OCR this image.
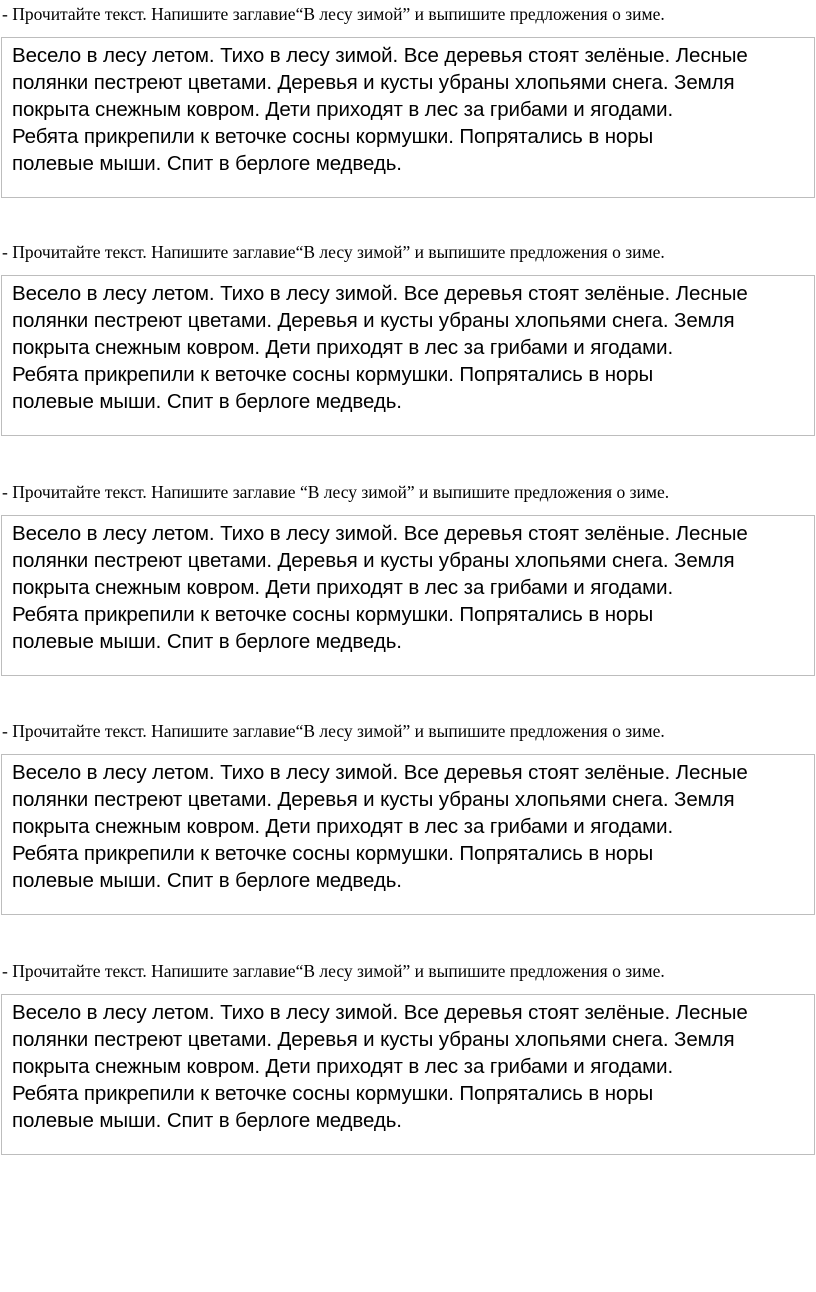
- Прочитайте текст. Напишите заглавие“В лесу зимой” и выпишите предложения о зиме.

Весело в лесу летом. Тихо в лесу зимой. Все деревья стоят зелёные. Лесные
полянки пестреют цветами. Деревья и кусты убраны хлопьями снега. Земля
покрыта снежным ковром. Дети приходят в лес за грибами и ягодами.
Ребята прикрепили к веточке сосны кормушки. Попрятались в норы
полевые мыши. Спит в берлоге медведь.

- Прочитайте текст. Напишите заглавие“В лесу зимой” и выпишите предложения о зиме.

Весело в лесу летом. Тихо в лесу зимой. Все деревья стоят зелёные. Лесные
полянки пестреют цветами. Деревья и кусты убраны хлопьями снега. Земля
покрыта снежным ковром. Дети приходят в лес за грибами и ягодами.
Ребята прикрепили к веточке сосны кормушки. Попрятались в норы
полевые мыши. Спит в берлоге медведь.

- Прочитайте текст. Напишите заглавие “В лесу зимой” и выпишите предложения о зиме.

Весело в лесу летом. Тихо в лесу зимой. Все деревья стоят зелёные. Лесные
полянки пестреют цветами. Деревья и кусты убраны хлопьями снега. Земля
покрыта снежным ковром. Дети приходят в лес за грибами и ягодами.
Ребята прикрепили к веточке сосны кормушки. Попрятались в норы
полевые мыши. Спит в берлоге медведь.

- Прочитайте текст. Напишите заглавие“В лесу зимой” и выпишите предложения о зиме.

Весело в лесу летом. Тихо в лесу зимой. Все деревья стоят зелёные. Лесные
полянки пестреют цветами. Деревья и кусты убраны хлопьями снега. Земля
покрыта снежным ковром. Дети приходят в лес за грибами и ягодами.
Ребята прикрепили к веточке сосны кормушки. Попрятались в норы
полевые мыши. Спит в берлоге медведь.

- Прочитайте текст. Напишите заглавие“В лесу зимой” и выпишите предложения о зиме.

Весело в лесу летом. Тихо в лесу зимой. Все деревья стоят зелёные. Лесные
полянки пестреют цветами. Деревья и кусты убраны хлопьями снега. Земля
покрыта снежным ковром. Дети приходят в лес за грибами и ягодами.
Ребята прикрепили к веточке сосны кормушки. Попрятались в норы
полевые мыши. Спит в берлоге медведь.
